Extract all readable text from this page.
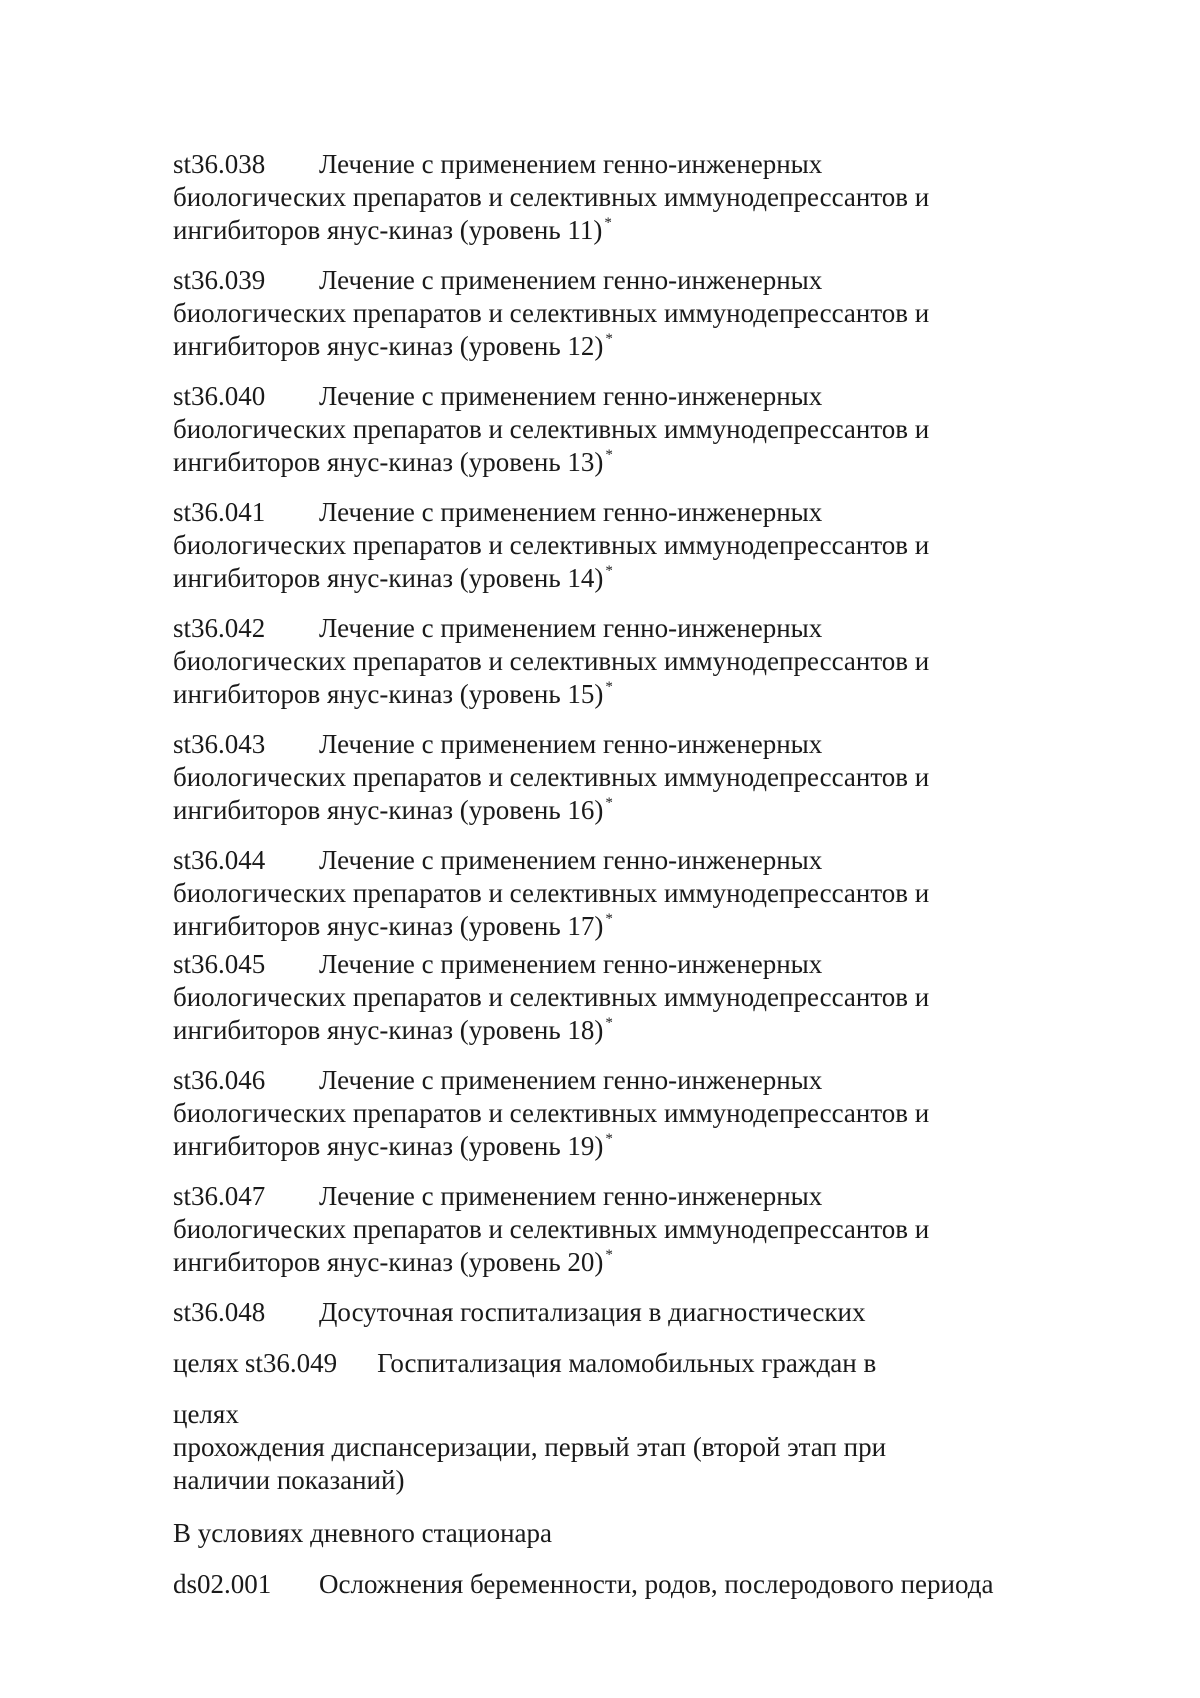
st36.038 Лечение с применением генно-инженерных
биологических препаратов и селективных иммунодепрессантов и
ингибиторов янус-киназ (уровень 11) *
st36.039 Лечение с применением генно-инженерных
биологических препаратов и селективных иммунодепрессантов и
ингибиторов янус-киназ (уровень 12) *
st36.040 Лечение с применением генно-инженерных
биологических препаратов и селективных иммунодепрессантов и
ингибиторов янус-киназ (уровень 13) *
st36.041 Лечение с применением генно-инженерных
биологических препаратов и селективных иммунодепрессантов и
ингибиторов янус-киназ (уровень 14) *
st36.042 Лечение с применением генно-инженерных
биологических препаратов и селективных иммунодепрессантов и
ингибиторов янус-киназ (уровень 15) *
st36.043 Лечение с применением генно-инженерных
биологических препаратов и селективных иммунодепрессантов и
ингибиторов янус-киназ (уровень 16) *
st36.044 Лечение с применением генно-инженерных
биологических препаратов и селективных иммунодепрессантов и
ингибиторов янус-киназ (уровень 17) *
st36.045 Лечение с применением генно-инженерных
биологических препаратов и селективных иммунодепрессантов и
ингибиторов янус-киназ (уровень 18) *
st36.046 Лечение с применением генно-инженерных
биологических препаратов и селективных иммунодепрессантов и
ингибиторов янус-киназ (уровень 19) *
st36.047 Лечение с применением генно-инженерных
биологических препаратов и селективных иммунодепрессантов и
ингибиторов янус-киназ (уровень 20) *
st36.048 Досуточная госпитализация в диагностических
целях st36.049 Госпитализация маломобильных граждан в
целях
прохождения диспансеризации, первый этап (второй этап при
наличии показаний)
В условиях дневного стационара
ds02.001 Осложнения беременности, родов, послеродового периода
